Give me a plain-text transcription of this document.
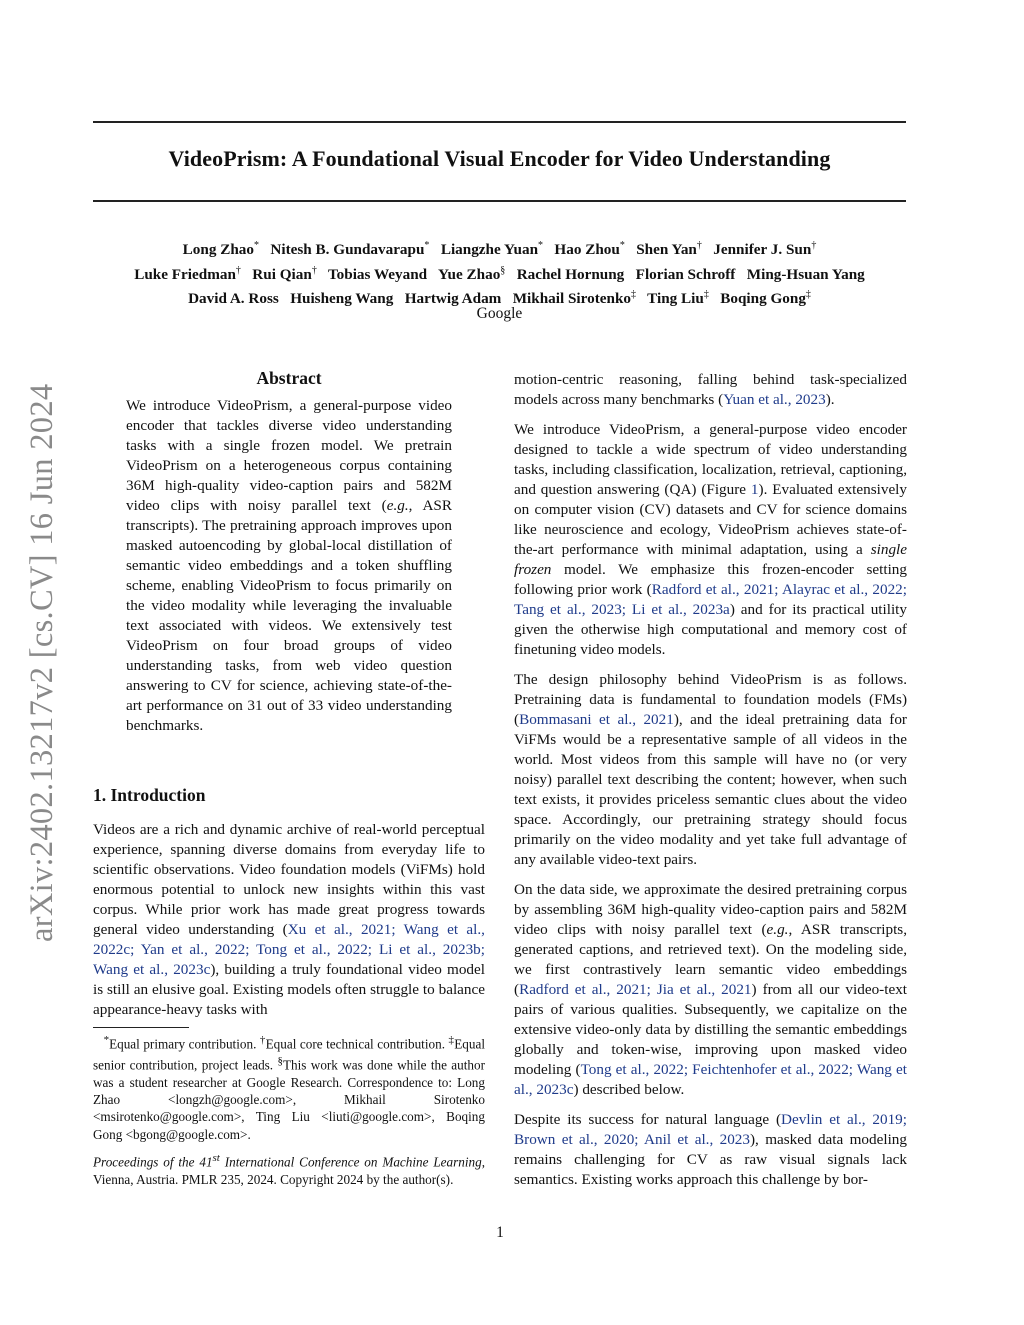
VideoPrism: A Foundational Visual Encoder for Video Understanding
Long Zhao* Nitesh B. Gundavarapu* Liangzhe Yuan* Hao Zhou* Shen Yan† Jennifer J. Sun†
Luke Friedman† Rui Qian† Tobias Weyand Yue Zhao§ Rachel Hornung Florian Schroff Ming-Hsuan Yang
David A. Ross Huisheng Wang Hartwig Adam Mikhail Sirotenko‡ Ting Liu‡ Boqing Gong‡
Google
arXiv:2402.13217v2 [cs.CV] 16 Jun 2024
Abstract
We introduce VideoPrism, a general-purpose video encoder that tackles diverse video understanding tasks with a single frozen model. We pretrain VideoPrism on a heterogeneous corpus containing 36M high-quality video-caption pairs and 582M video clips with noisy parallel text (e.g., ASR transcripts). The pretraining approach improves upon masked autoencoding by global-local distillation of semantic video embeddings and a token shuffling scheme, enabling VideoPrism to focus primarily on the video modality while leveraging the invaluable text associated with videos. We extensively test VideoPrism on four broad groups of video understanding tasks, from web video question answering to CV for science, achieving state-of-the-art performance on 31 out of 33 video understanding benchmarks.
1. Introduction
Videos are a rich and dynamic archive of real-world perceptual experience, spanning diverse domains from everyday life to scientific observations. Video foundation models (ViFMs) hold enormous potential to unlock new insights within this vast corpus. While prior work has made great progress towards general video understanding (Xu et al., 2021; Wang et al., 2022c; Yan et al., 2022; Tong et al., 2022; Li et al., 2023b; Wang et al., 2023c), building a truly foundational video model is still an elusive goal. Existing models often struggle to balance appearance-heavy tasks with
*Equal primary contribution. †Equal core technical contribution. ‡Equal senior contribution, project leads. §This work was done while the author was a student researcher at Google Research. Correspondence to: Long Zhao <longzh@google.com>, Mikhail Sirotenko <msirotenko@google.com>, Ting Liu <liuti@google.com>, Boqing Gong <bgong@google.com>.
Proceedings of the 41st International Conference on Machine Learning, Vienna, Austria. PMLR 235, 2024. Copyright 2024 by the author(s).

motion-centric reasoning, falling behind task-specialized models across many benchmarks (Yuan et al., 2023).

We introduce VideoPrism, a general-purpose video encoder designed to tackle a wide spectrum of video understanding tasks, including classification, localization, retrieval, captioning, and question answering (QA) (Figure 1). Evaluated extensively on computer vision (CV) datasets and CV for science domains like neuroscience and ecology, VideoPrism achieves state-of-the-art performance with minimal adaptation, using a single frozen model. We emphasize this frozen-encoder setting following prior work (Radford et al., 2021; Alayrac et al., 2022; Tang et al., 2023; Li et al., 2023a) and for its practical utility given the otherwise high computational and memory cost of finetuning video models.

The design philosophy behind VideoPrism is as follows. Pretraining data is fundamental to foundation models (FMs) (Bommasani et al., 2021), and the ideal pretraining data for ViFMs would be a representative sample of all videos in the world. Most videos from this sample will have no (or very noisy) parallel text describing the content; however, when such text exists, it provides priceless semantic clues about the video space. Accordingly, our pretraining strategy should focus primarily on the video modality and yet take full advantage of any available video-text pairs.

On the data side, we approximate the desired pretraining corpus by assembling 36M high-quality video-caption pairs and 582M video clips with noisy parallel text (e.g., ASR transcripts, generated captions, and retrieved text). On the modeling side, we first contrastively learn semantic video embeddings (Radford et al., 2021; Jia et al., 2021) from all our video-text pairs of various qualities. Subsequently, we capitalize on the extensive video-only data by distilling the semantic embeddings globally and token-wise, improving upon masked video modeling (Tong et al., 2022; Feichtenhofer et al., 2022; Wang et al., 2023c) described below.

Despite its success for natural language (Devlin et al., 2019; Brown et al., 2020; Anil et al., 2023), masked data modeling remains challenging for CV as raw visual signals lack semantics. Existing works approach this challenge by bor-

1
